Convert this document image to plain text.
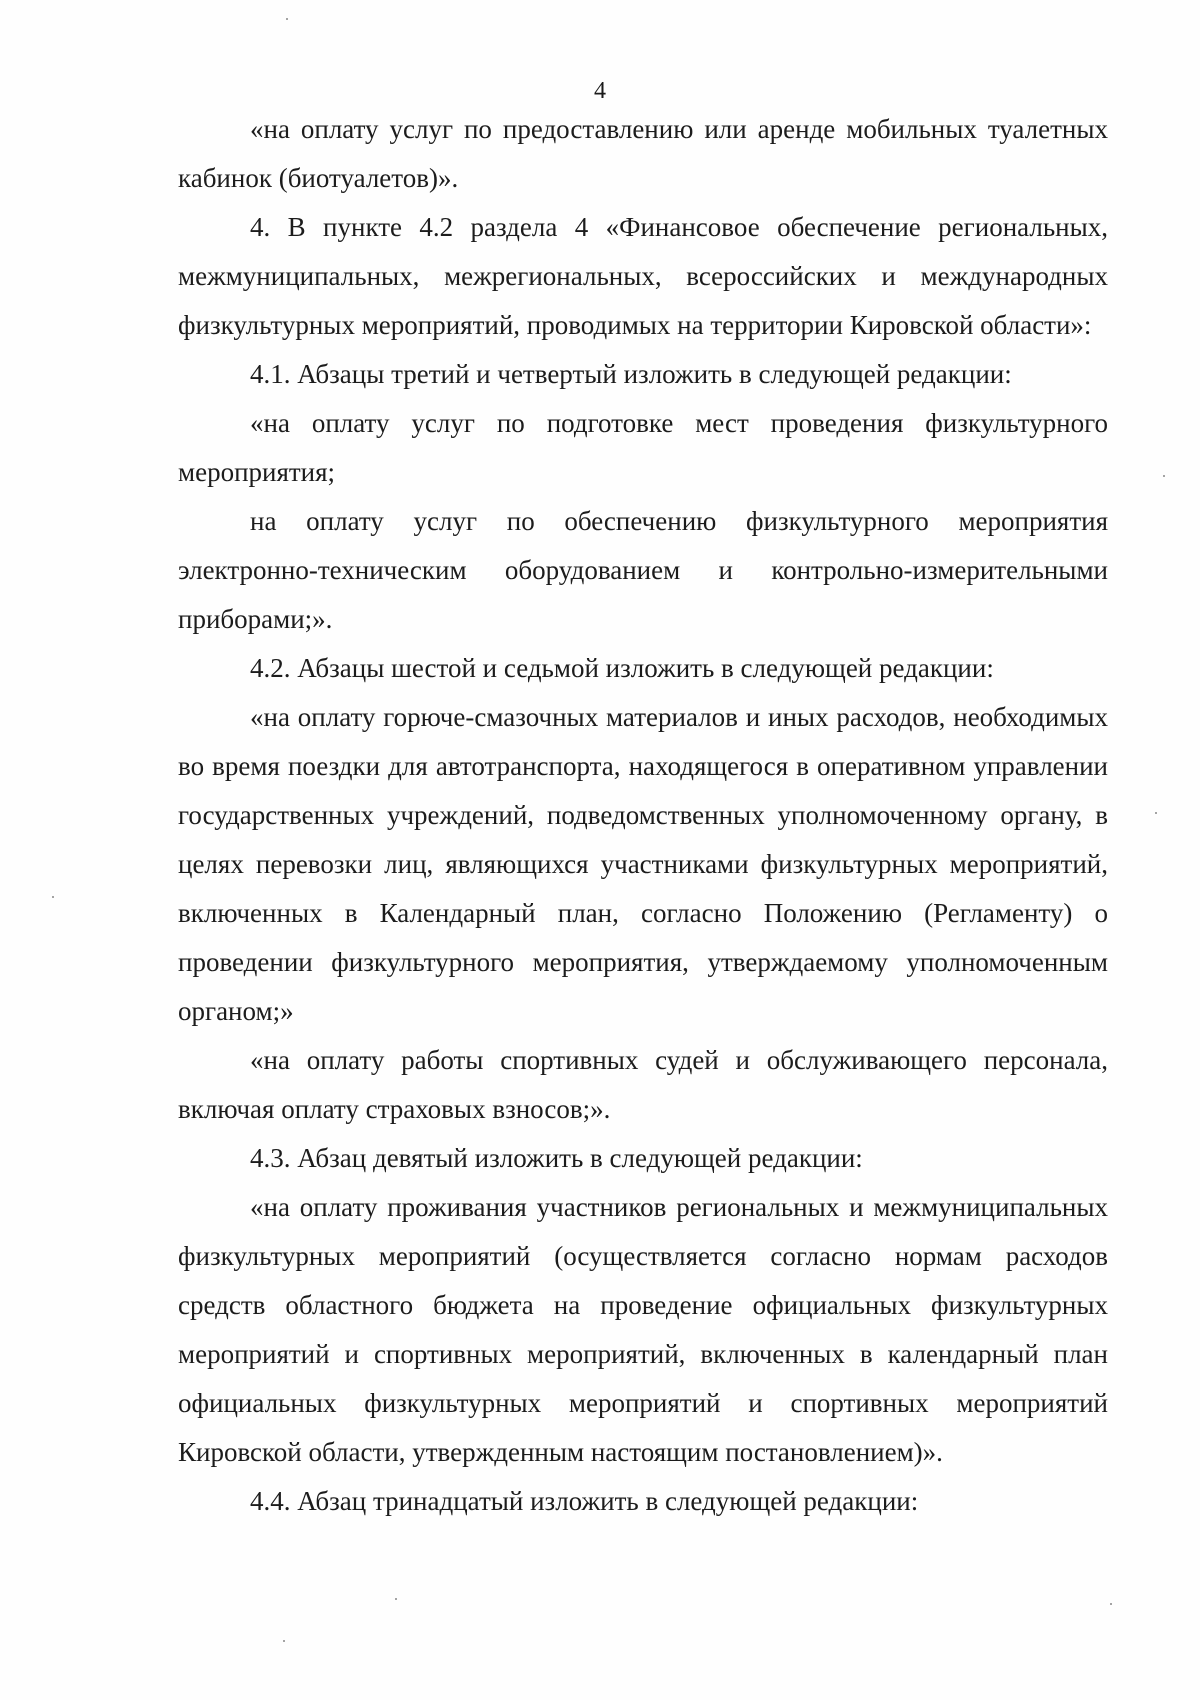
4

«на оплату услуг по предоставлению или аренде мобильных туалетных кабинок (биотуалетов)».

4. В пункте 4.2 раздела 4 «Финансовое обеспечение региональных, межмуниципальных, межрегиональных, всероссийских и международных физкультурных мероприятий, проводимых на территории Кировской области»:

4.1. Абзацы третий и четвертый изложить в следующей редакции:

«на оплату услуг по подготовке мест проведения физкультурного мероприятия;

на оплату услуг по обеспечению физкультурного мероприятия электронно-техническим оборудованием и контрольно-измерительными приборами;».

4.2. Абзацы шестой и седьмой изложить в следующей редакции:

«на оплату горюче-смазочных материалов и иных расходов, необходимых во время поездки для автотранспорта, находящегося в оперативном управлении государственных учреждений, подведомственных уполномоченному органу, в целях перевозки лиц, являющихся участниками физкультурных мероприятий, включенных в Календарный план, согласно Положению (Регламенту) о проведении физкультурного мероприятия, утверждаемому уполномоченным органом;»

«на оплату работы спортивных судей и обслуживающего персонала, включая оплату страховых взносов;».

4.3. Абзац девятый изложить в следующей редакции:

«на оплату проживания участников региональных и межмуниципальных физкультурных мероприятий (осуществляется согласно нормам расходов средств областного бюджета на проведение официальных физкультурных мероприятий и спортивных мероприятий, включенных в календарный план официальных физкультурных мероприятий и спортивных мероприятий Кировской области, утвержденным настоящим постановлением)».

4.4. Абзац тринадцатый изложить в следующей редакции:
